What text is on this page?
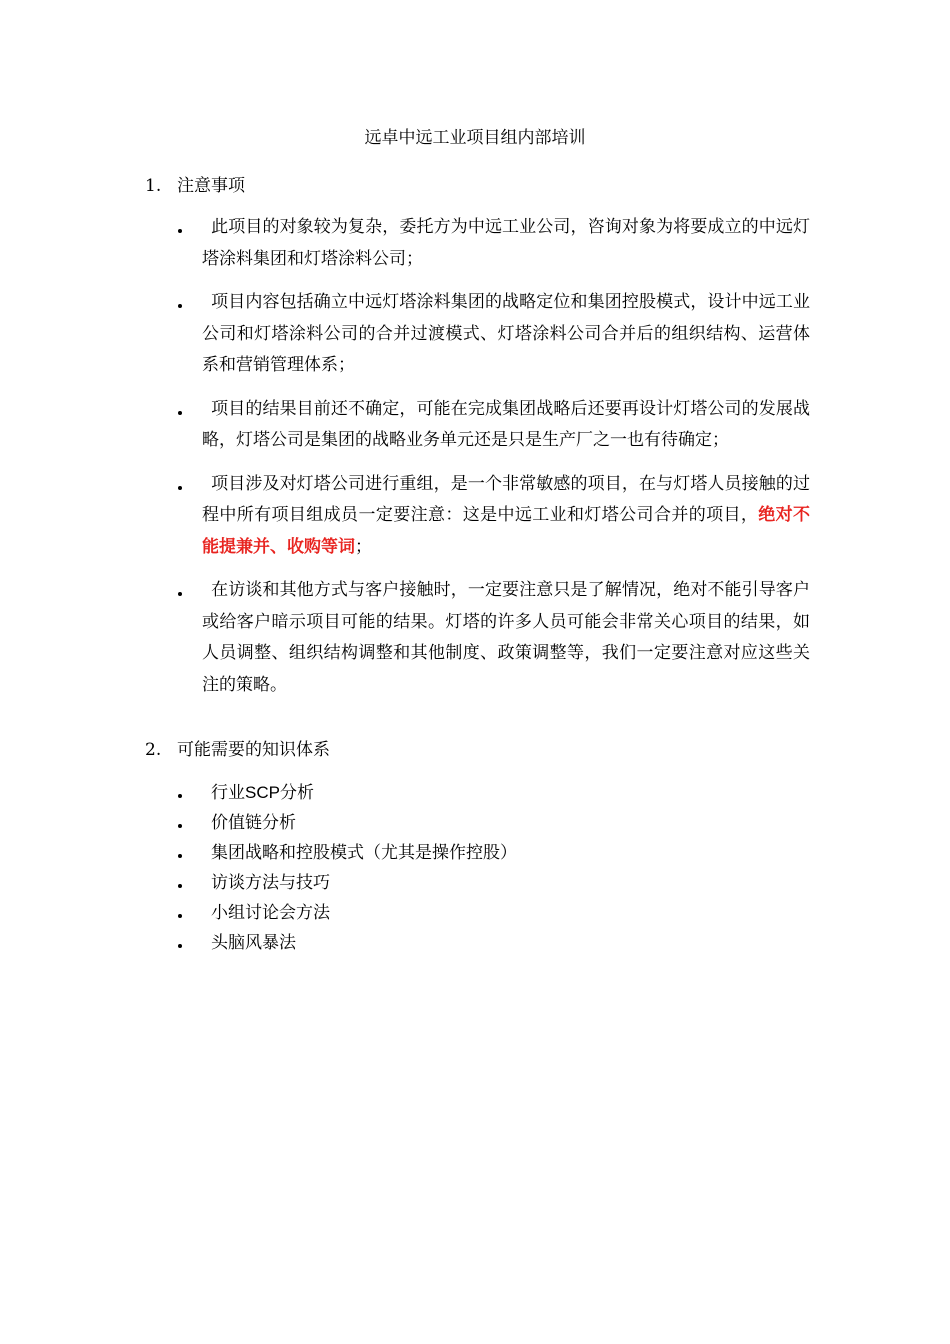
远卓中远工业项目组内部培训
1. 注意事项
此项目的对象较为复杂，委托方为中远工业公司，咨询对象为将要成立的中远灯塔涂料集团和灯塔涂料公司；
项目内容包括确立中远灯塔涂料集团的战略定位和集团控股模式，设计中远工业公司和灯塔涂料公司的合并过渡模式、灯塔涂料公司合并后的组织结构、运营体系和营销管理体系；
项目的结果目前还不确定，可能在完成集团战略后还要再设计灯塔公司的发展战略，灯塔公司是集团的战略业务单元还是只是生产厂之一也有待确定；
项目涉及对灯塔公司进行重组，是一个非常敏感的项目，在与灯塔人员接触的过程中所有项目组成员一定要注意：这是中远工业和灯塔公司合并的项目，绝对不能提兼并、收购等词；
在访谈和其他方式与客户接触时，一定要注意只是了解情况，绝对不能引导客户或给客户暗示项目可能的结果。灯塔的许多人员可能会非常关心项目的结果，如人员调整、组织结构调整和其他制度、政策调整等，我们一定要注意对应这些关注的策略。
2. 可能需要的知识体系
行业SCP分析
价值链分析
集团战略和控股模式（尤其是操作控股）
访谈方法与技巧
小组讨论会方法
头脑风暴法
